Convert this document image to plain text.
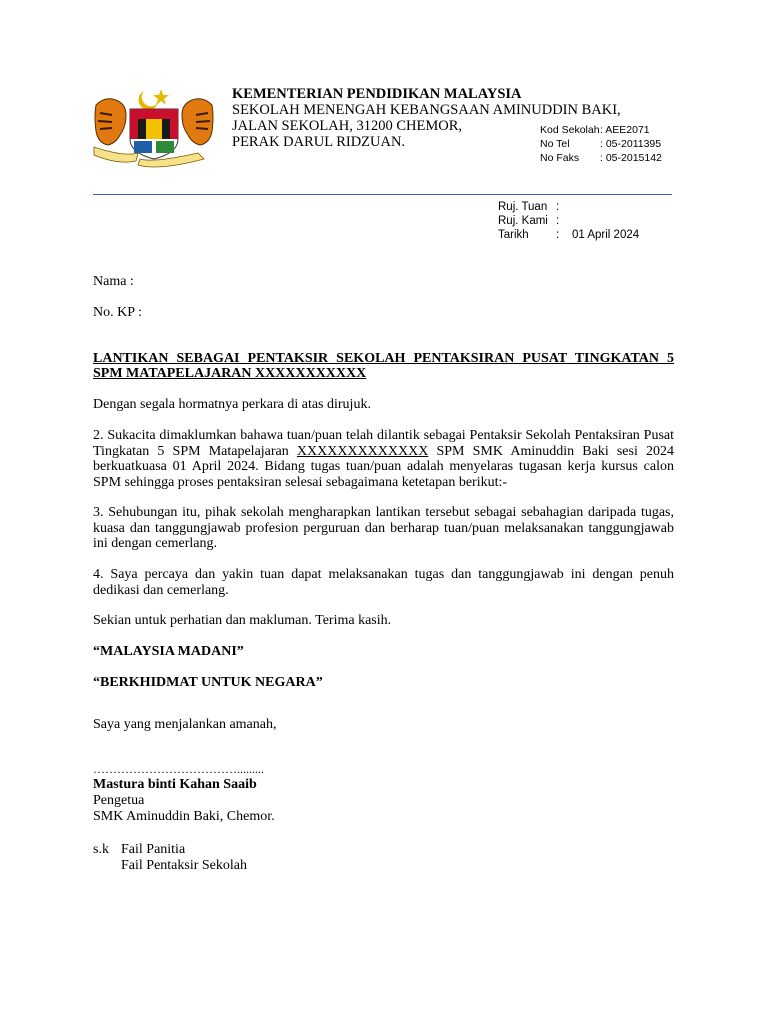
KEMENTERIAN PENDIDIKAN MALAYSIA
SEKOLAH MENENGAH KEBANGSAAN AMINUDDIN BAKI,
JALAN SEKOLAH, 31200 CHEMOR,
PERAK DARUL RIDZUAN.
Kod Sekolah: AEE2071
No Tel	: 05-2011395
No Faks : 05-2015142
Ruj. Tuan :
Ruj. Kami :
Tarikh : 01 April 2024
Nama :
No. KP :
LANTIKAN SEBAGAI PENTAKSIR SEKOLAH PENTAKSIRAN PUSAT TINGKATAN 5
SPM MATAPELAJARAN XXXXXXXXXXX
Dengan segala hormatnya perkara di atas dirujuk.
2. Sukacita dimaklumkan bahawa tuan/puan telah dilantik sebagai Pentaksir Sekolah Pentaksiran Pusat Tingkatan 5 SPM Matapelajaran XXXXXXXXXXXXX SPM SMK Aminuddin Baki sesi 2024 berkuatkuasa 01 April 2024. Bidang tugas tuan/puan adalah menyelaras tugasan kerja kursus calon SPM sehingga proses pentaksiran selesai sebagaimana ketetapan berikut:-
3. Sehubungan itu, pihak sekolah mengharapkan lantikan tersebut sebagai sebahagian daripada tugas, kuasa dan tanggungjawab profesion perguruan dan berharap tuan/puan melaksanakan tanggungjawab ini dengan cemerlang.
4. Saya percaya dan yakin tuan dapat melaksanakan tugas dan tanggungjawab ini dengan penuh dedikasi dan cemerlang.
Sekian untuk perhatian dan makluman. Terima kasih.
“MALAYSIA MADANI”
“BERKHIDMAT UNTUK NEGARA”
Saya yang menjalankan amanah,
……………………………….........
Mastura binti Kahan Saaib
Pengetua
SMK Aminuddin Baki, Chemor.
s.k Fail Panitia
Fail Pentaksir Sekolah
